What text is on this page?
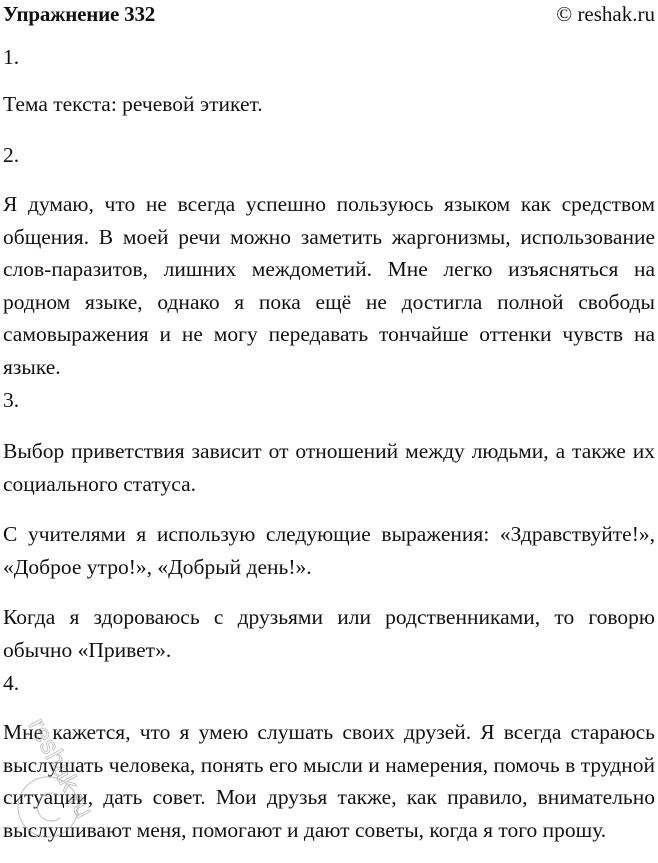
Упражнение 332	© reshak.ru

1.

Тема текста: речевой этикет.

2.

Я думаю, что не всегда успешно пользуюсь языком как средством общения. В моей речи можно заметить жаргонизмы, использование слов-паразитов, лишних междометий. Мне легко изъясняться на родном языке, однако я пока ещё не достигла полной свободы самовыражения и не могу передавать тончайше оттенки чувств на языке.

3.

Выбор приветствия зависит от отношений между людьми, а также их социального статуса.

С учителями я использую следующие выражения: «Здравствуйте!», «Доброе утро!», «Добрый день!».

Когда я здороваюсь с друзьями или родственниками, то говорю обычно «Привет».

4.

Мне кажется, что я умею слушать своих друзей. Я всегда стараюсь выслушать человека, понять его мысли и намерения, помочь в трудной ситуации, дать совет. Мои друзья также, как правило, внимательно выслушивают меня, помогают и дают советы, когда я того прошу.

reshak.ru
